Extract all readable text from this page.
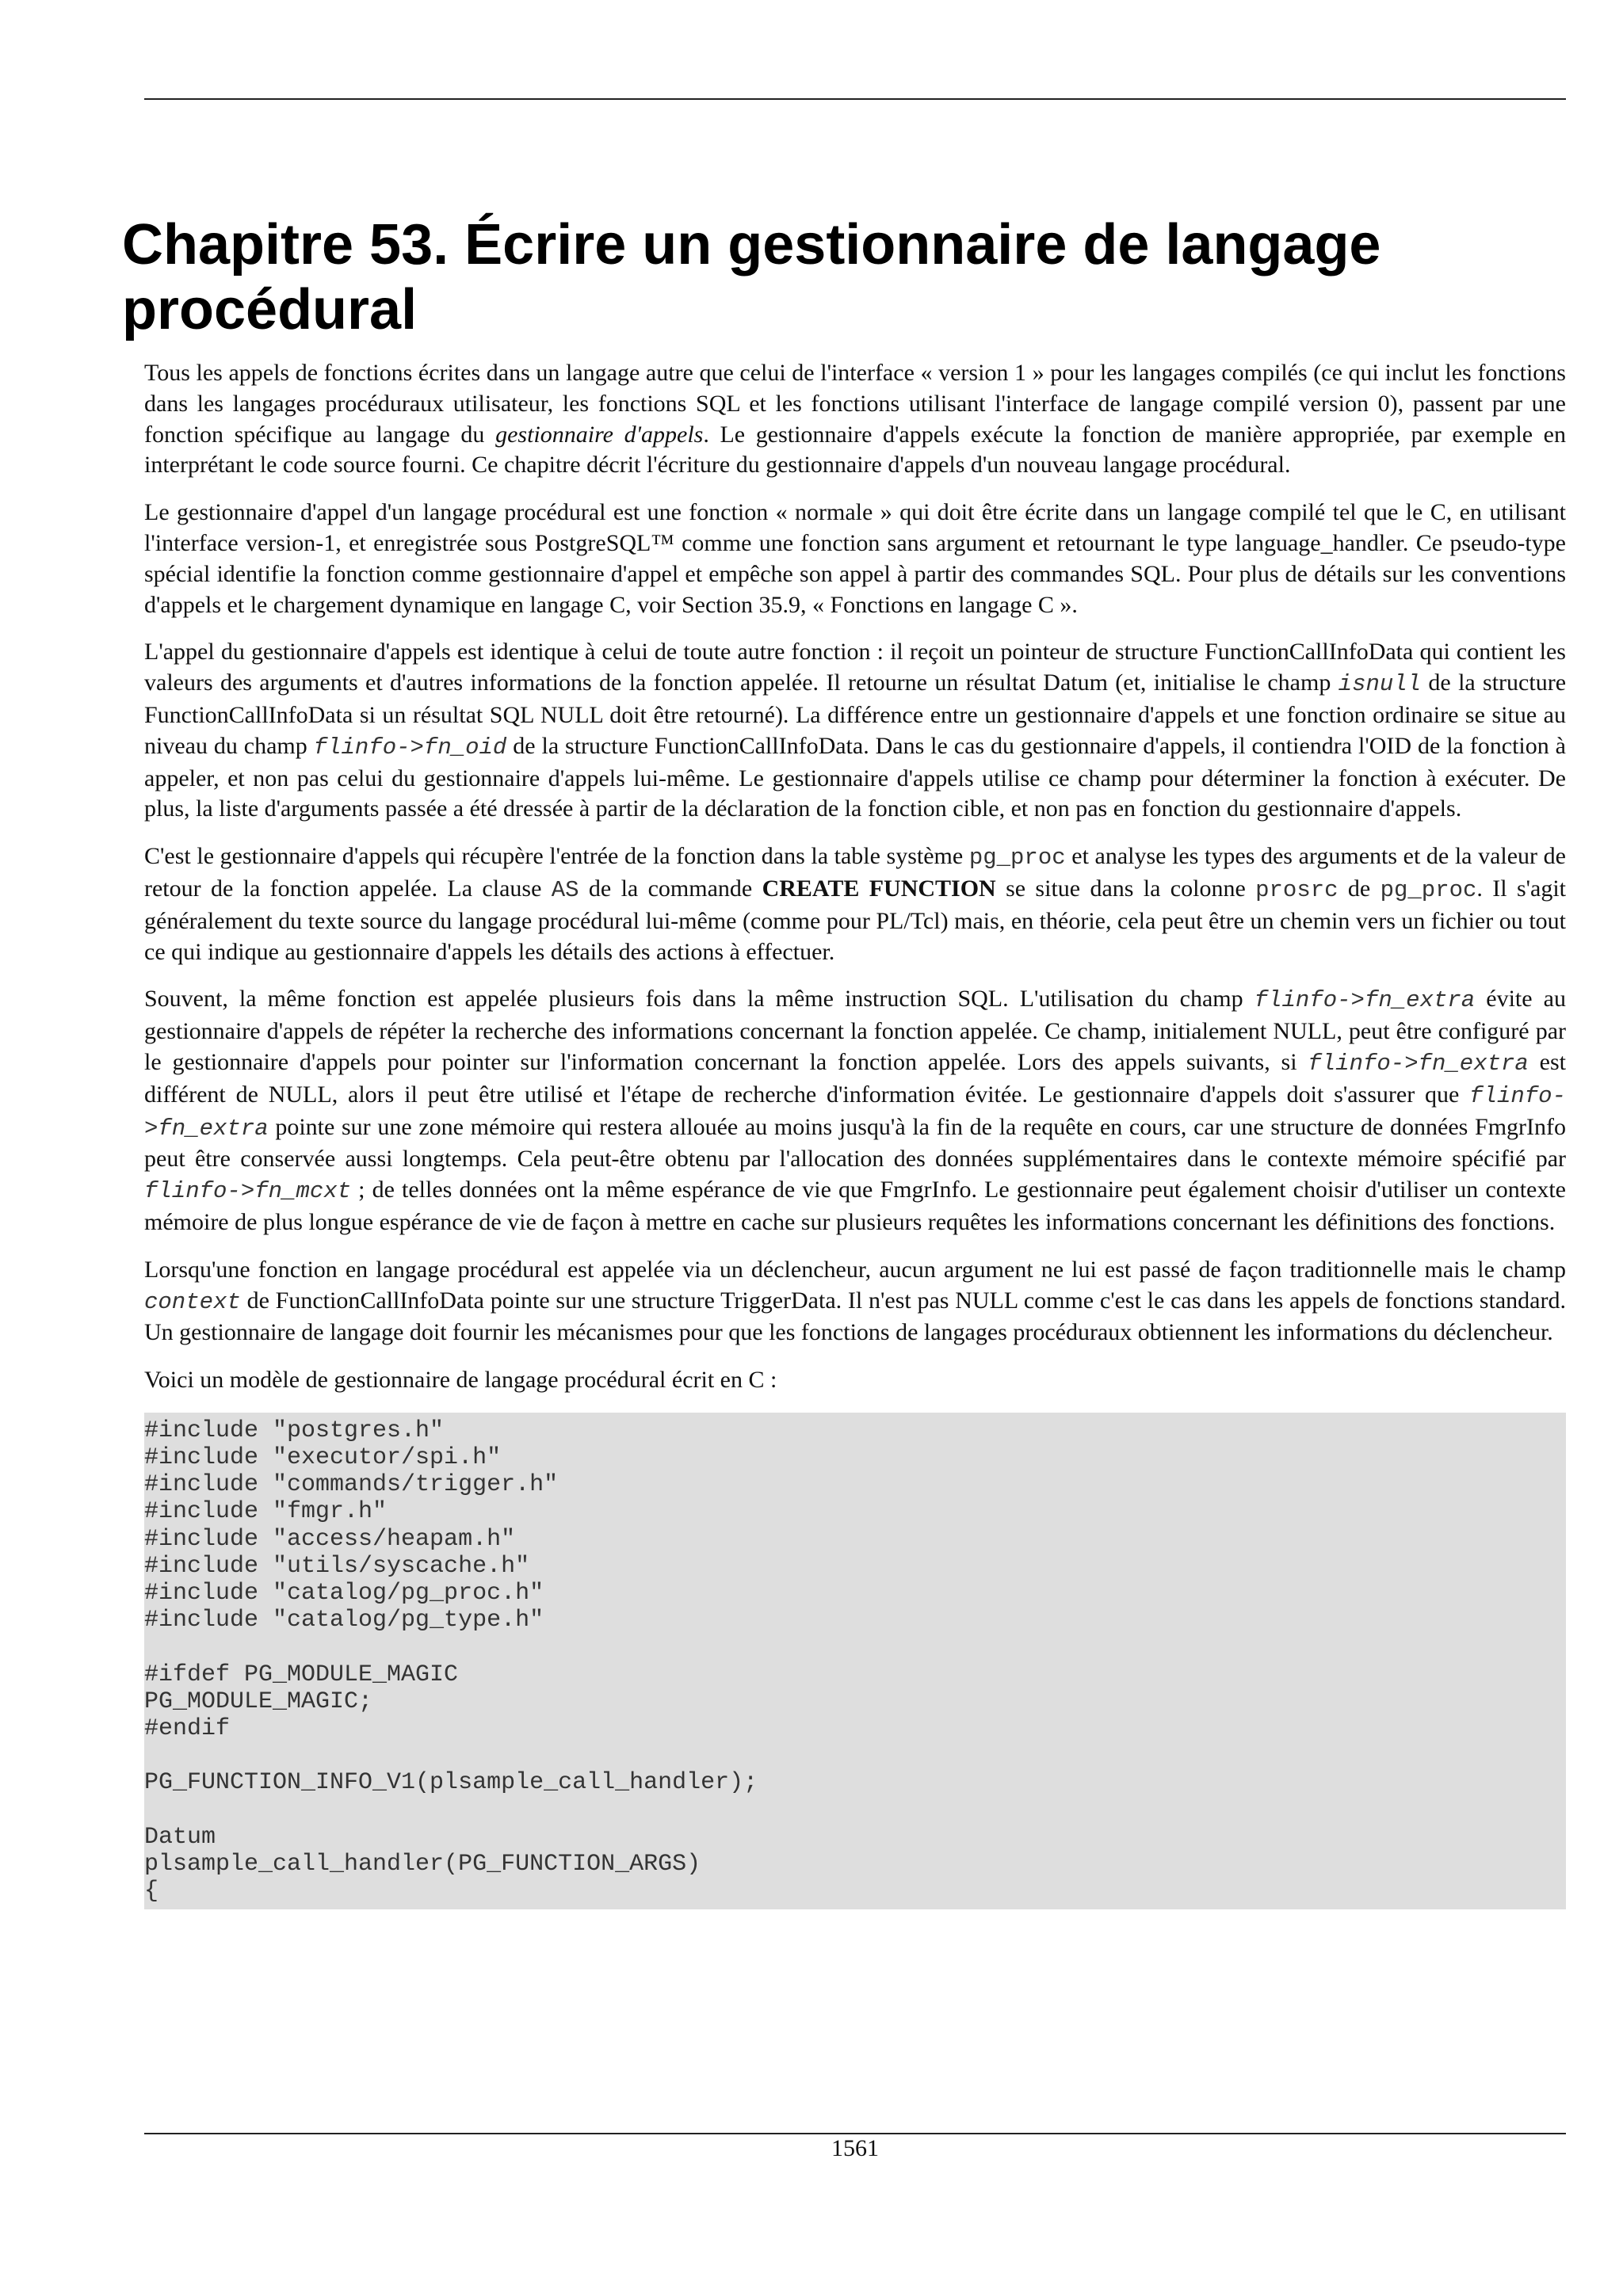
Chapitre 53. Écrire un gestionnaire de langage procédural

Tous les appels de fonctions écrites dans un langage autre que celui de l'interface « version 1 » pour les langages compilés (ce qui inclut les fonctions dans les langages procéduraux utilisateur, les fonctions SQL et les fonctions utilisant l'interface de langage compilé version 0), passent par une fonction spécifique au langage du gestionnaire d'appels. Le gestionnaire d'appels exécute la fonction de manière appropriée, par exemple en interprétant le code source fourni. Ce chapitre décrit l'écriture du gestionnaire d'appels d'un nouveau langage procédural.

Le gestionnaire d'appel d'un langage procédural est une fonction « normale » qui doit être écrite dans un langage compilé tel que le C, en utilisant l'interface version-1, et enregistrée sous PostgreSQL™ comme une fonction sans argument et retournant le type language_handler. Ce pseudo-type spécial identifie la fonction comme gestionnaire d'appel et empêche son appel à partir des commandes SQL. Pour plus de détails sur les conventions d'appels et le chargement dynamique en langage C, voir Section 35.9, « Fonctions en langage C ».

L'appel du gestionnaire d'appels est identique à celui de toute autre fonction : il reçoit un pointeur de structure FunctionCallInfoData qui contient les valeurs des arguments et d'autres informations de la fonction appelée. Il retourne un résultat Datum (et, initialise le champ isnull de la structure FunctionCallInfoData si un résultat SQL NULL doit être retourné). La différence entre un gestionnaire d'appels et une fonction ordinaire se situe au niveau du champ flinfo->fn_oid de la structure FunctionCallInfoData. Dans le cas du gestionnaire d'appels, il contiendra l'OID de la fonction à appeler, et non pas celui du gestionnaire d'appels lui-même. Le gestionnaire d'appels utilise ce champ pour déterminer la fonction à exécuter. De plus, la liste d'arguments passée a été dressée à partir de la déclaration de la fonction cible, et non pas en fonction du gestionnaire d'appels.

C'est le gestionnaire d'appels qui récupère l'entrée de la fonction dans la table système pg_proc et analyse les types des arguments et de la valeur de retour de la fonction appelée. La clause AS de la commande CREATE FUNCTION se situe dans la colonne prosrc de pg_proc. Il s'agit généralement du texte source du langage procédural lui-même (comme pour PL/Tcl) mais, en théorie, cela peut être un chemin vers un fichier ou tout ce qui indique au gestionnaire d'appels les détails des actions à effectuer.

Souvent, la même fonction est appelée plusieurs fois dans la même instruction SQL. L'utilisation du champ flinfo->fn_extra évite au gestionnaire d'appels de répéter la recherche des informations concernant la fonction appelée. Ce champ, initialement NULL, peut être configuré par le gestionnaire d'appels pour pointer sur l'information concernant la fonction appelée. Lors des appels suivants, si flinfo->fn_extra est différent de NULL, alors il peut être utilisé et l'étape de recherche d'information évitée. Le gestionnaire d'appels doit s'assurer que flinfo->fn_extra pointe sur une zone mémoire qui restera allouée au moins jusqu'à la fin de la requête en cours, car une structure de données FmgrInfo peut être conservée aussi longtemps. Cela peut-être obtenu par l'allocation des données supplémentaires dans le contexte mémoire spécifié par flinfo->fn_mcxt ; de telles données ont la même espérance de vie que FmgrInfo. Le gestionnaire peut également choisir d'utiliser un contexte mémoire de plus longue espérance de vie de façon à mettre en cache sur plusieurs requêtes les informations concernant les définitions des fonctions.

Lorsqu'une fonction en langage procédural est appelée via un déclencheur, aucun argument ne lui est passé de façon traditionnelle mais le champ context de FunctionCallInfoData pointe sur une structure TriggerData. Il n'est pas NULL comme c'est le cas dans les appels de fonctions standard. Un gestionnaire de langage doit fournir les mécanismes pour que les fonctions de langages procéduraux obtiennent les informations du déclencheur.

Voici un modèle de gestionnaire de langage procédural écrit en C :

#include "postgres.h"
#include "executor/spi.h"
#include "commands/trigger.h"
#include "fmgr.h"
#include "access/heapam.h"
#include "utils/syscache.h"
#include "catalog/pg_proc.h"
#include "catalog/pg_type.h"
#ifdef PG_MODULE_MAGIC
PG_MODULE_MAGIC;
#endif
PG_FUNCTION_INFO_V1(plsample_call_handler);
Datum
plsample_call_handler(PG_FUNCTION_ARGS)
{
1561
